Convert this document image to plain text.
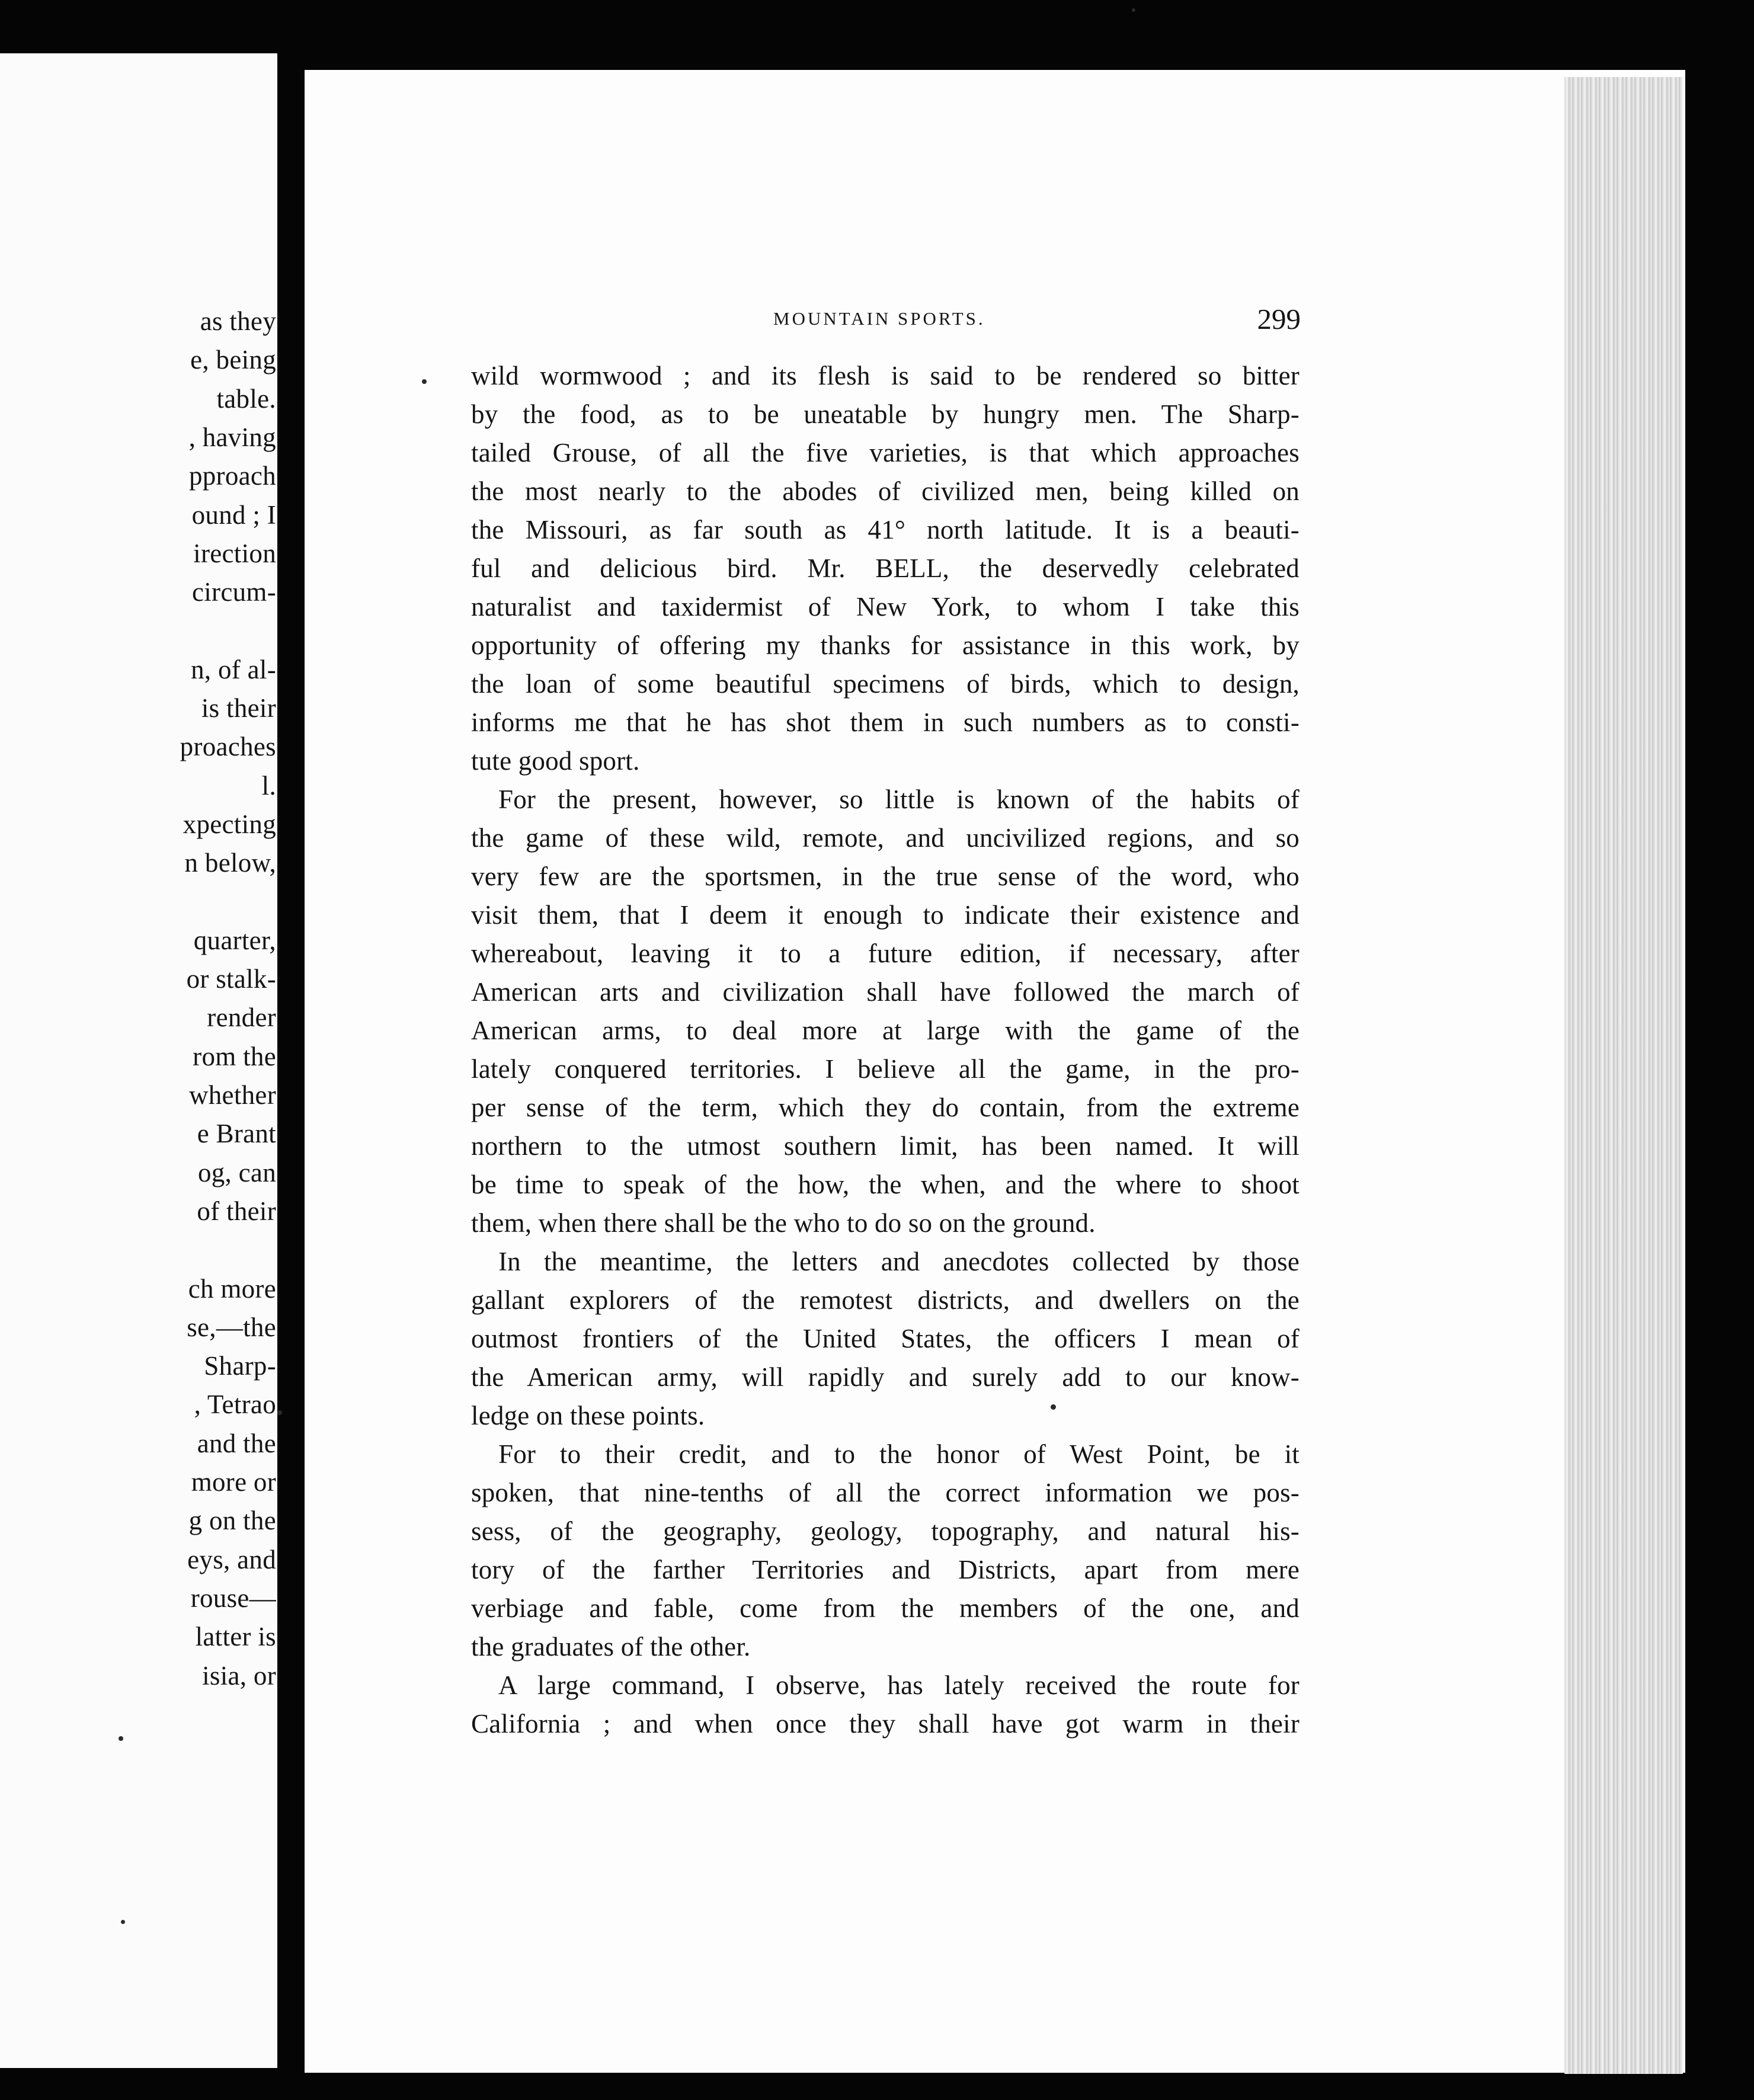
as they

e, being

table.

, having

pproach

ound ; I

irection

circum-

n, of al-

is their

proaches

l.

xpecting

n below,

quarter,

or stalk-

render

rom the

whether

e Brant

og, can

of their

ch more

se,—the

Sharp-

, Tetrao

and the

more or

g on the

eys, and

rouse—

latter is

isia, or

MOUNTAIN SPORTS.	299

wild wormwood ; and its flesh is said to be rendered so bitter
by the food, as to be uneatable by hungry men. The Sharp-
tailed Grouse, of all the five varieties, is that which approaches
the most nearly to the abodes of civilized men, being killed on
the Missouri, as far south as 41° north latitude. It is a beauti-
ful and delicious bird. Mr. BELL, the deservedly celebrated
naturalist and taxidermist of New York, to whom I take this
opportunity of offering my thanks for assistance in this work, by
the loan of some beautiful specimens of birds, which to design,
informs me that he has shot them in such numbers as to consti-
tute good sport.
For the present, however, so little is known of the habits of
the game of these wild, remote, and uncivilized regions, and so
very few are the sportsmen, in the true sense of the word, who
visit them, that I deem it enough to indicate their existence and
whereabout, leaving it to a future edition, if necessary, after
American arts and civilization shall have followed the march of
American arms, to deal more at large with the game of the
lately conquered territories. I believe all the game, in the pro-
per sense of the term, which they do contain, from the extreme
northern to the utmost southern limit, has been named. It will
be time to speak of the how, the when, and the where to shoot
them, when there shall be the who to do so on the ground.
In the meantime, the letters and anecdotes collected by those
gallant explorers of the remotest districts, and dwellers on the
outmost frontiers of the United States, the officers I mean of
the American army, will rapidly and surely add to our know-
ledge on these points.
For to their credit, and to the honor of West Point, be it
spoken, that nine-tenths of all the correct information we pos-
sess, of the geography, geology, topography, and natural his-
tory of the farther Territories and Districts, apart from mere
verbiage and fable, come from the members of the one, and
the graduates of the other.
A large command, I observe, has lately received the route for
California ; and when once they shall have got warm in their
